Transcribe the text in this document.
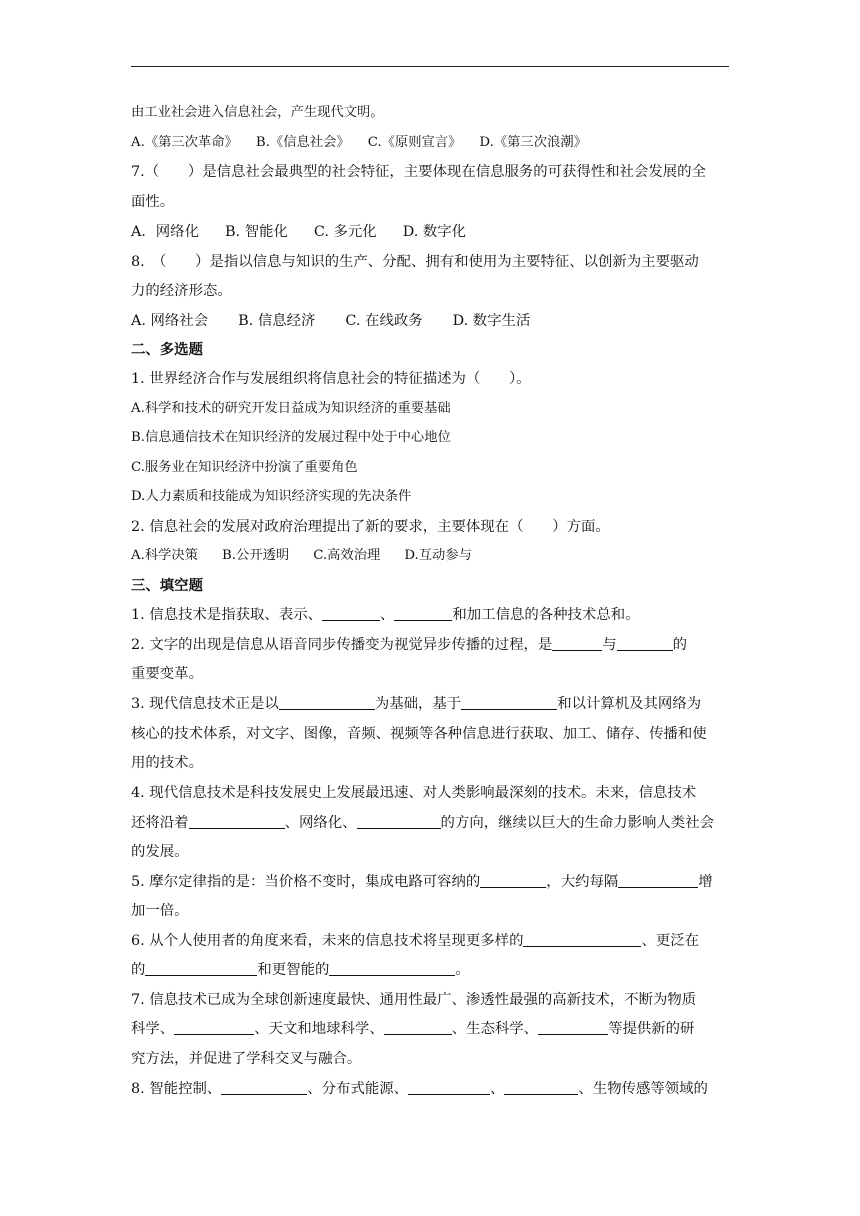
由工业社会进入信息社会，产生现代文明。
A.《第三次革命》 B.《信息社会》 C.《原则宣言》 D.《第三次浪潮》
7.（　　）是信息社会最典型的社会特征，主要体现在信息服务的可获得性和社会发展的全
面性。
A．网络化 B. 智能化 C. 多元化 D. 数字化
8.　（　　）是指以信息与知识的生产、分配、拥有和使用为主要特征、以创新为主要驱动
力的经济形态。
A. 网络社会 B. 信息经济 C. 在线政务 D. 数字生活
二、多选题
1. 世界经济合作与发展组织将信息社会的特征描述为（　　）。
A.科学和技术的研究开发日益成为知识经济的重要基础
B.信息通信技术在知识经济的发展过程中处于中心地位
C.服务业在知识经济中扮演了重要角色
D.人力素质和技能成为知识经济实现的先决条件
2. 信息社会的发展对政府治理提出了新的要求，主要体现在（　　）方面。
A.科学决策 B.公开透明 C.高效治理 D.互动参与
三、填空题
1. 信息技术是指获取、表示、	、	和加工信息的各种技术总和。
2. 文字的出现是信息从语音同步传播变为视觉异步传播的过程，是	与	的
重要变革。
3. 现代信息技术正是以	为基础，基于	和以计算机及其网络为
核心的技术体系，对文字、图像，音频、视频等各种信息进行获取、加工、储存、传播和使
用的技术。
4. 现代信息技术是科技发展史上发展最迅速、对人类影响最深刻的技术。未来，信息技术
还将沿着	、网络化、	的方向，继续以巨大的生命力影响人类社会
的发展。
5. 摩尔定律指的是：当价格不变时，集成电路可容纳的	，大约每隔	增
加一倍。
6. 从个人使用者的角度来看，未来的信息技术将呈现更多样的	、更泛在
的	和更智能的	。
7. 信息技术已成为全球创新速度最快、通用性最广、渗透性最强的高新技术，不断为物质
科学、	、天文和地球科学、	、生态科学、	等提供新的研
究方法，并促进了学科交叉与融合。
8. 智能控制、	、分布式能源、	、	、生物传感等领域的
